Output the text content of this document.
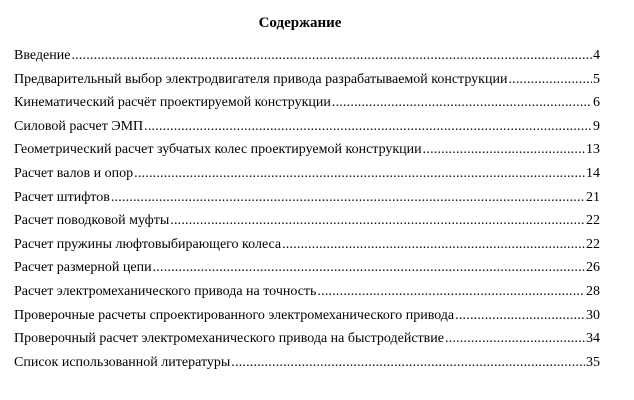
Содержание
Введение .....	4
Предварительный выбор электродвигателя привода разрабатываемой конструкции .....	5
Кинематический расчёт проектируемой конструкции .....	6
Силовой расчет ЭМП .....	9
Геометрический расчет зубчатых колес проектируемой конструкции .....	13
Расчет валов и опор .....	14
Расчет штифтов .....	21
Расчет поводковой муфты .....	22
Расчет пружины люфтовыбирающего колеса .....	22
Расчет размерной цепи .....	26
Расчет электромеханического привода на точность .....	28
Проверочные расчеты спроектированного электромеханического привода .....	30
Проверочный расчет электромеханического привода на быстродействие .....	34
Список использованной литературы .....	35
